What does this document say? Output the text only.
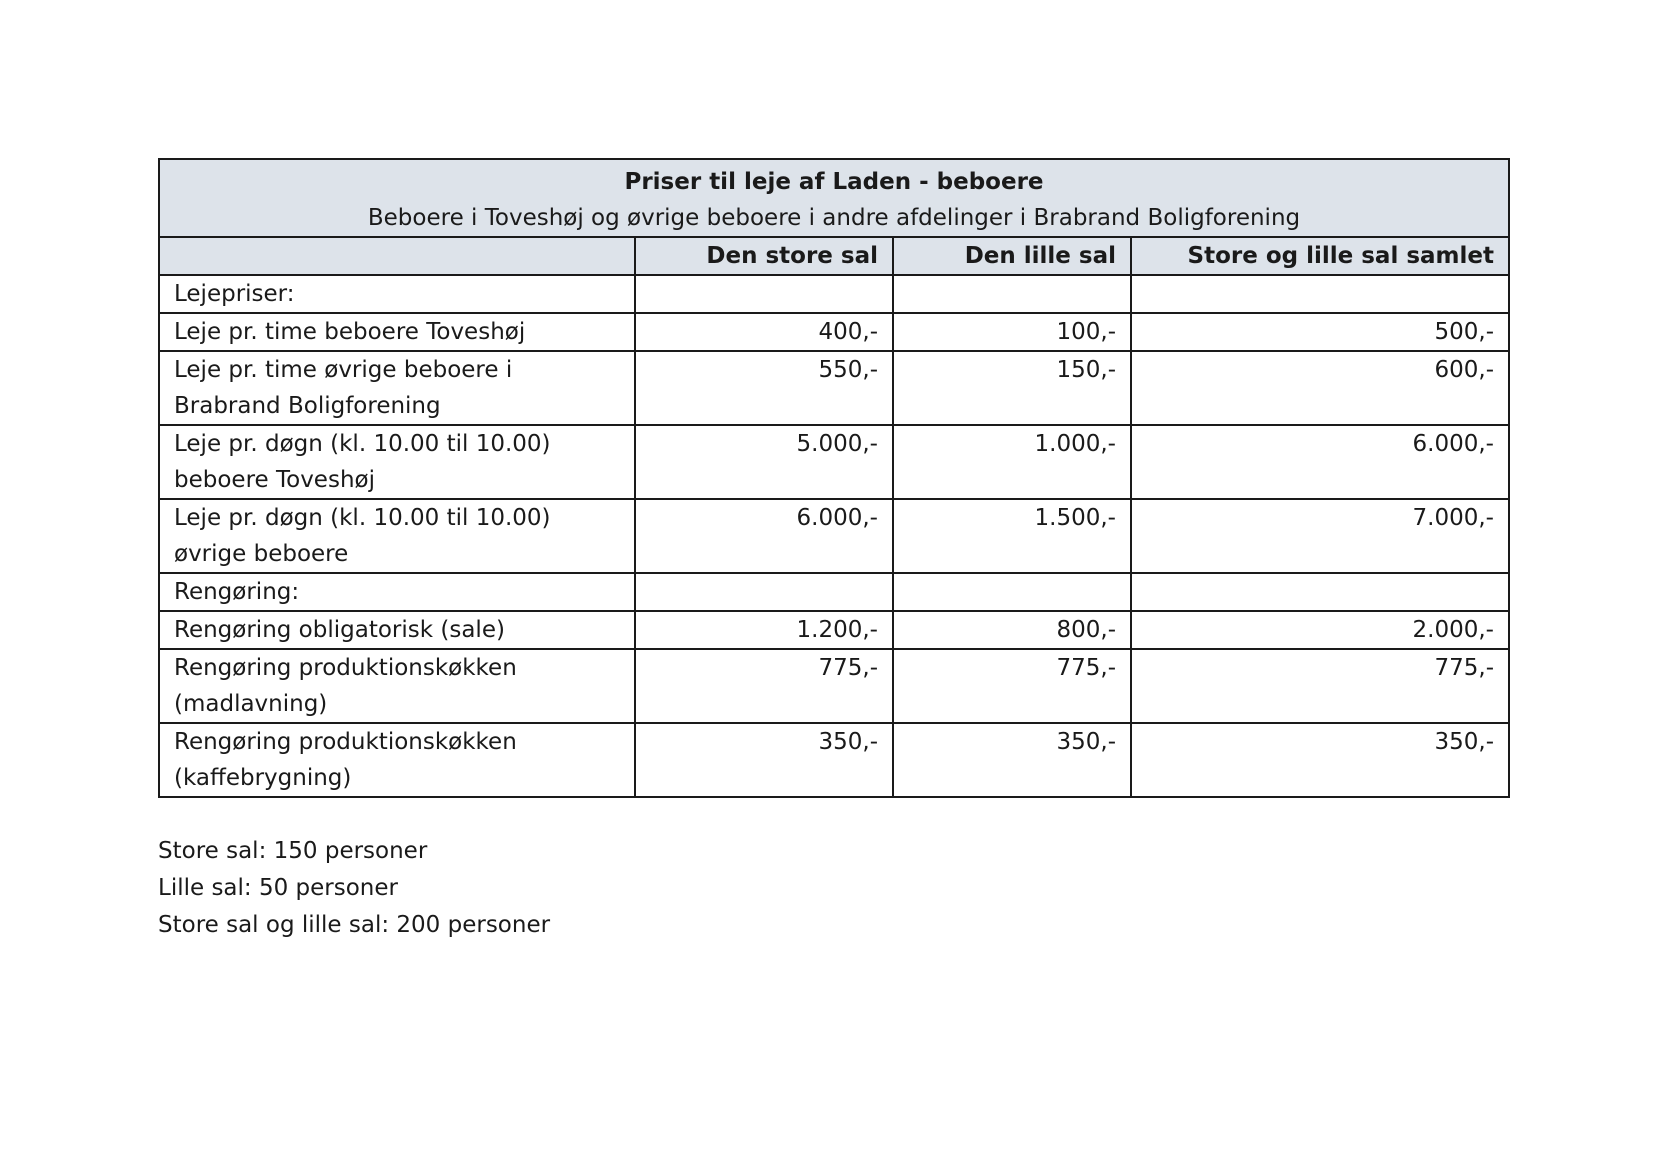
Priser til leje af Laden - beboere
Beboere i Toveshøj og øvrige beboere i andre afdelinger i Brabrand Boligforening			

	Den store sal	Den lille sal	Store og lille sal samlet
Lejepriser:			
Leje pr. time beboere Toveshøj	400,-	100,-	500,-
Leje pr. time øvrige beboere i Brabrand Boligforening	550,-	150,-	600,-
Leje pr. døgn (kl. 10.00 til 10.00) beboere Toveshøj	5.000,-	1.000,-	6.000,-
Leje pr. døgn (kl. 10.00 til 10.00) øvrige beboere	6.000,-	1.500,-	7.000,-
Rengøring:			
Rengøring obligatorisk (sale)	1.200,-	800,-	2.000,-
Rengøring produktionskøkken (madlavning)	775,-	775,-	775,-
Rengøring produktionskøkken (kaffebrygning)	350,-	350,-	350,-
Store sal: 150 personer
Lille sal: 50 personer
Store sal og lille sal: 200 personer
